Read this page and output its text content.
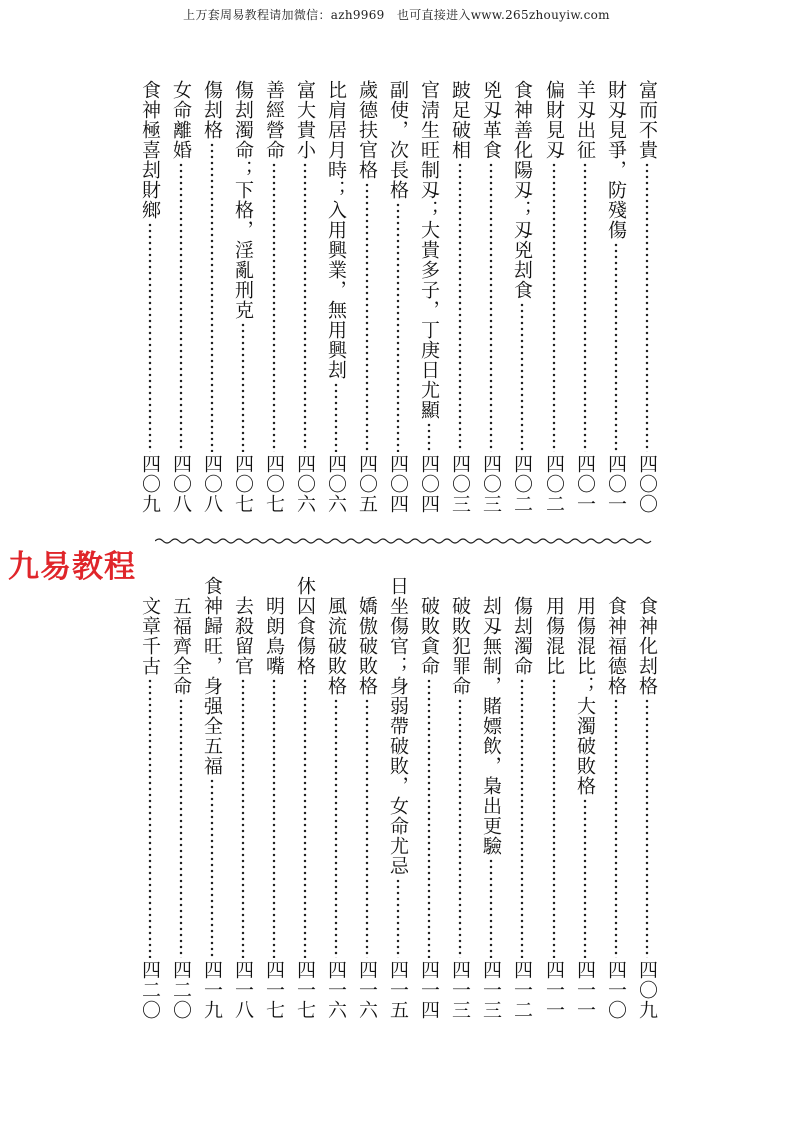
上万套周易教程请加微信：azh9969　也可直接进入www.265zhouyiw.com
富而不貴
四〇〇
財刄見爭，防殘傷
四〇一
羊刄出征
四〇一
偏財見刄
四〇二
食神善化陽刄；刄兇刦食
四〇二
兇刄革食
四〇三
跛足破相
四〇三
官淸生旺制刄；大貴多子，丁庚日尤顯
四〇四
副使，次長格
四〇四
歲德扶官格
四〇五
比肩居月時；入用興業，無用興刦
四〇六
富大貴小
四〇六
善經營命
四〇七
傷刦濁命；下格，淫亂刑克
四〇七
傷刦格
四〇八
女命離婚
四〇八
食神極喜刦財鄉
四〇九
九易教程
食神化刦格
四〇九
食神福德格
四一〇
用傷混比；大濁破敗格
四一一
用傷混比
四一一
傷刦濁命
四一二
刦刄無制，賭嫖飲，梟出更驗
四一三
破敗犯罪命
四一三
破敗貪命
四一四
日坐傷官；身弱帶破敗，女命尤忌
四一五
嬌傲破敗格
四一六
風流破敗格
四一六
休囚食傷格
四一七
明朗鳥嘴
四一七
去殺留官
四一八
食神歸旺，身强全五福
四一九
五福齊全命
四二〇
文章千古
四二〇
